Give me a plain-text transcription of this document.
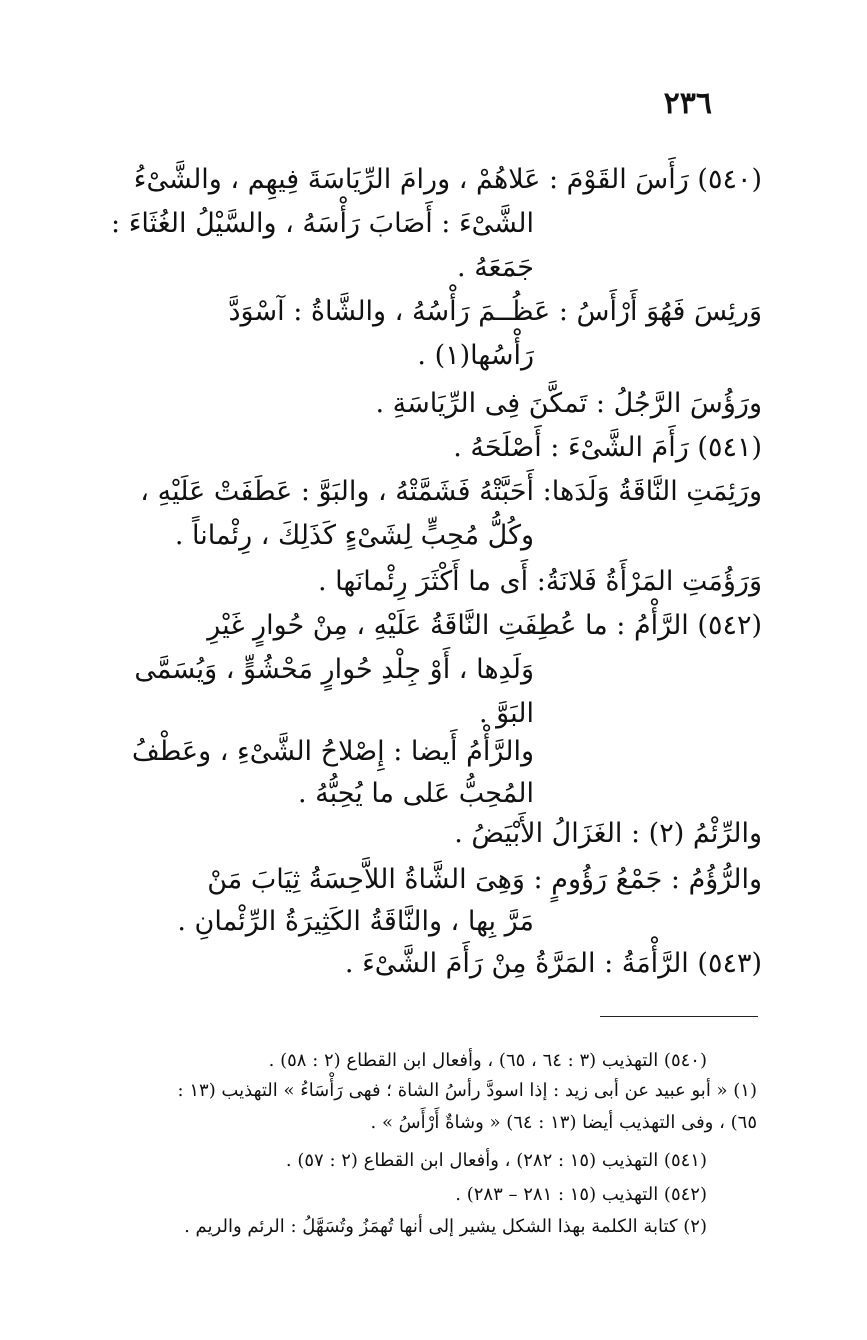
٢٣٦
(٥٤٠) رَأَسَ القَوْمَ : عَلاهُمْ ، ورامَ الرِّيَاسَةَ فِيهِم ، والشَّىْءُ
الشَّىْءَ : أَصَابَ رَأْسَهُ ، والسَّيْلُ الغُثَاءَ :
جَمَعَهُ .
وَرئِسَ فَهُوَ أَرْأَسُ : عَظُــمَ رَأْسُهُ ، والشَّاةُ : آسْوَدَّ
رَأْسُها(١) .
ورَؤُسَ الرَّجُلُ : تَمكَّنَ فِى الرِّيَاسَةِ .
(٥٤١) رَأَمَ الشَّىْءَ : أَصْلَحَهُ .
ورَئِمَتِ النَّاقَةُ وَلَدَها: أَحَبَّتْهُ فَشَمَّتْهُ ، والبَوَّ : عَطَفَتْ عَلَيْهِ ،
وكُلُّ مُحِبٍّ لِشَىْءٍ كَذَلِكَ ، رِئْماناً .
وَرَؤُمَتِ المَرْأَةُ فَلانَةُ: أَى ما أَكْثَرَ رِئْمانَها .
(٥٤٢) الرَّأْمُ : ما عُطِفَتِ النَّاقَةُ عَلَيْهِ ، مِنْ حُوارٍ غَيْرِ
وَلَدِها ، أَوْ جِلْدِ حُوارٍ مَحْشُوٍّ ، وَيُسَمَّى
البَوَّ .
والرَّأْمُ أَيضا : إِصْلاحُ الشَّىْءِ ، وعَطْفُ
المُحِبُّ عَلى ما يُحِبُّهُ .
والرِّئْمُ (٢) : الغَزَالُ الأَبْيَضُ .
والرُّؤُمُ : جَمْعُ رَؤُومٍ : وَهِىَ الشَّاةُ اللاَّحِسَةُ ثِيَابَ مَنْ
مَرَّ بِها ، والنَّاقَةُ الكَثِيرَةُ الرِّئْمانِ .
(٥٤٣) الرَّأْمَةُ : المَرَّةُ مِنْ رَأَمَ الشَّىْءَ .
(٥٤٠) التهذيب (٣ : ٦٤ ، ٦٥) ، وأفعال ابن القطاع (٢ : ٥٨) .
(١) « أبو عبيد عن أبى زيد : إذا اسودَّ رأسُ الشاة ؛ فهى رَأْسَاءُ » التهذيب (١٣ :
٦٥) ، وفى التهذيب أيضا (١٣ : ٦٤) « وشاةٌ أَرْأَسُ » .
(٥٤١) التهذيب (١٥ : ٢٨٢) ، وأفعال ابن القطاع (٢ : ٥٧) .
(٥٤٢) التهذيب (١٥ : ٢٨١ – ٢٨٣) .
(٢) كتابة الكلمة بهذا الشكل يشير إلى أنها تُهمَزُ وتُسَهَّلُ : الرئم والريم .
